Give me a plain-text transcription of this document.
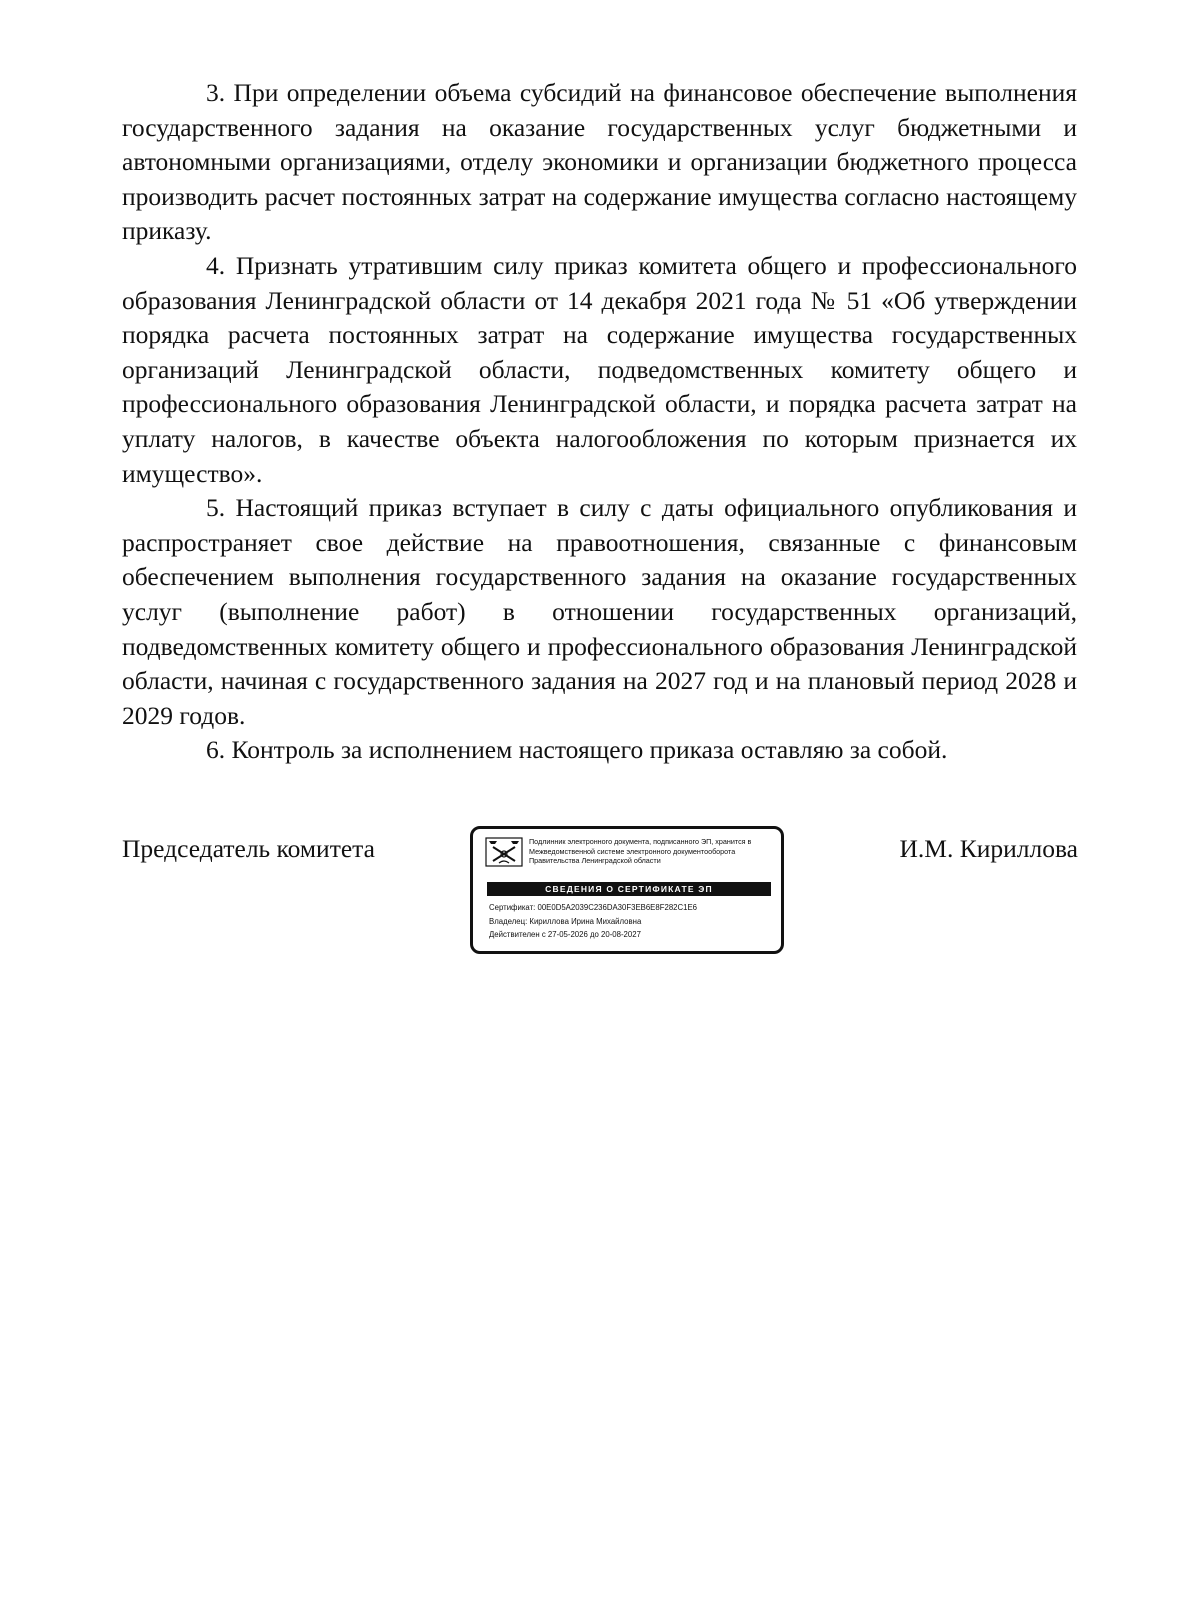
3. При определении объема субсидий на финансовое обеспечение выполнения государственного задания на оказание государственных услуг бюджетными и автономными организациями, отделу экономики и организации бюджетного процесса производить расчет постоянных затрат на содержание имущества согласно настоящему приказу.

4. Признать утратившим силу приказ комитета общего и профессионального образования Ленинградской области от 14 декабря 2021 года № 51 «Об утверждении порядка расчета постоянных затрат на содержание имущества государственных организаций Ленинградской области, подведомственных комитету общего и профессионального образования Ленинградской области, и порядка расчета затрат на уплату налогов, в качестве объекта налогообложения по которым признается их имущество».

5. Настоящий приказ вступает в силу с даты официального опубликования и распространяет свое действие на правоотношения, связанные с финансовым обеспечением выполнения государственного задания на оказание государственных услуг (выполнение работ) в отношении государственных организаций, подведомственных комитету общего и профессионального образования Ленинградской области, начиная с государственного задания на 2027 год и на плановый период 2028 и 2029 годов.

6. Контроль за исполнением настоящего приказа оставляю за собой.

Председатель комитета	Подлинник электронного документа, подписанного ЭП, хранится в Межведомственной системе электронного документооборота Правительства Ленинградской области
СВЕДЕНИЯ О СЕРТИФИКАТЕ ЭП
Сертификат: 00E0D5A2039C236DA30F3EB6E8F282C1E6
Владелец: Кириллова Ирина Михайловна
Действителен с 27-05-2026 до 20-08-2027
И.М. Кириллова
